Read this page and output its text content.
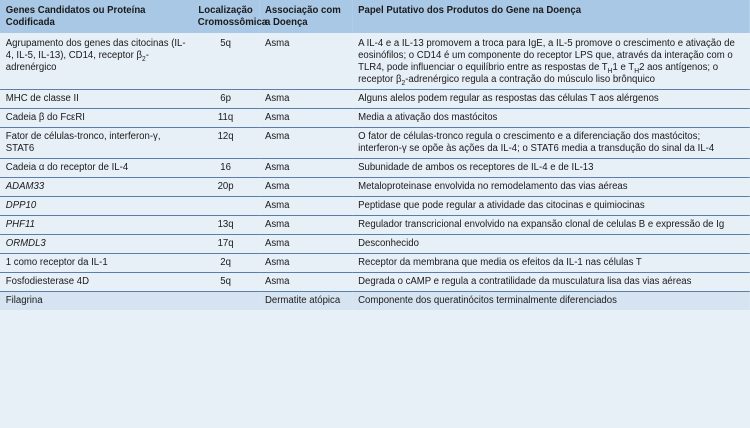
Genes Candidatos ou Proteína Codificada	Localização Cromossômica	Associação com a Doença	Papel Putativo dos Produtos do Gene na Doença
Agrupamento dos genes das citocinas (IL-4, IL-5, IL-13), CD14, receptor $\beta_2$-adrenérgico	5q	Asma	A IL-4 e a IL-13 promovem a troca para IgE, a IL-5 promove o crescimento e ativação de eosinófilos; o CD14 é um componente do receptor LPS que, através da interação com o TLR4, pode influenciar o equilíbrio entre as respostas de $T_H1$ e $T_H2$ aos antígenos; o receptor $\beta_2$-adrenérgico regula a contração do músculo liso brônquico
MHC de classe II	6p	Asma	Alguns alelos podem regular as respostas das células T aos alérgenos
Cadeia β do FcεRI	11q	Asma	Media a ativação dos mastócitos
Fator de células-tronco, interferon-γ, STAT6	12q	Asma	O fator de células-tronco regula o crescimento e a diferenciação dos mastócitos; interferon-γ se opõe às ações da IL-4; o STAT6 media a transdução do sinal da IL-4
Cadeia α do receptor de IL-4	16	Asma	Subunidade de ambos os receptores de IL-4 e de IL-13
ADAM33	20p	Asma	Metaloproteinase envolvida no remodelamento das vias aéreas
DPP10		Asma	Peptidase que pode regular a atividade das citocinas e quimiocinas
PHF11	13q	Asma	Regulador transcricional envolvido na expansão clonal de celulas B e expressão de Ig
ORMDL3	17q	Asma	Desconhecido
1 como receptor da IL-1	2q	Asma	Receptor da membrana que media os efeitos da IL-1 nas células T
Fosfodiesterase 4D	5q	Asma	Degrada o cAMP e regula a contratilidade da musculatura lisa das vias aéreas
Filagrina		Dermatite atópica	Componente dos queratinócitos terminalmente diferenciados
